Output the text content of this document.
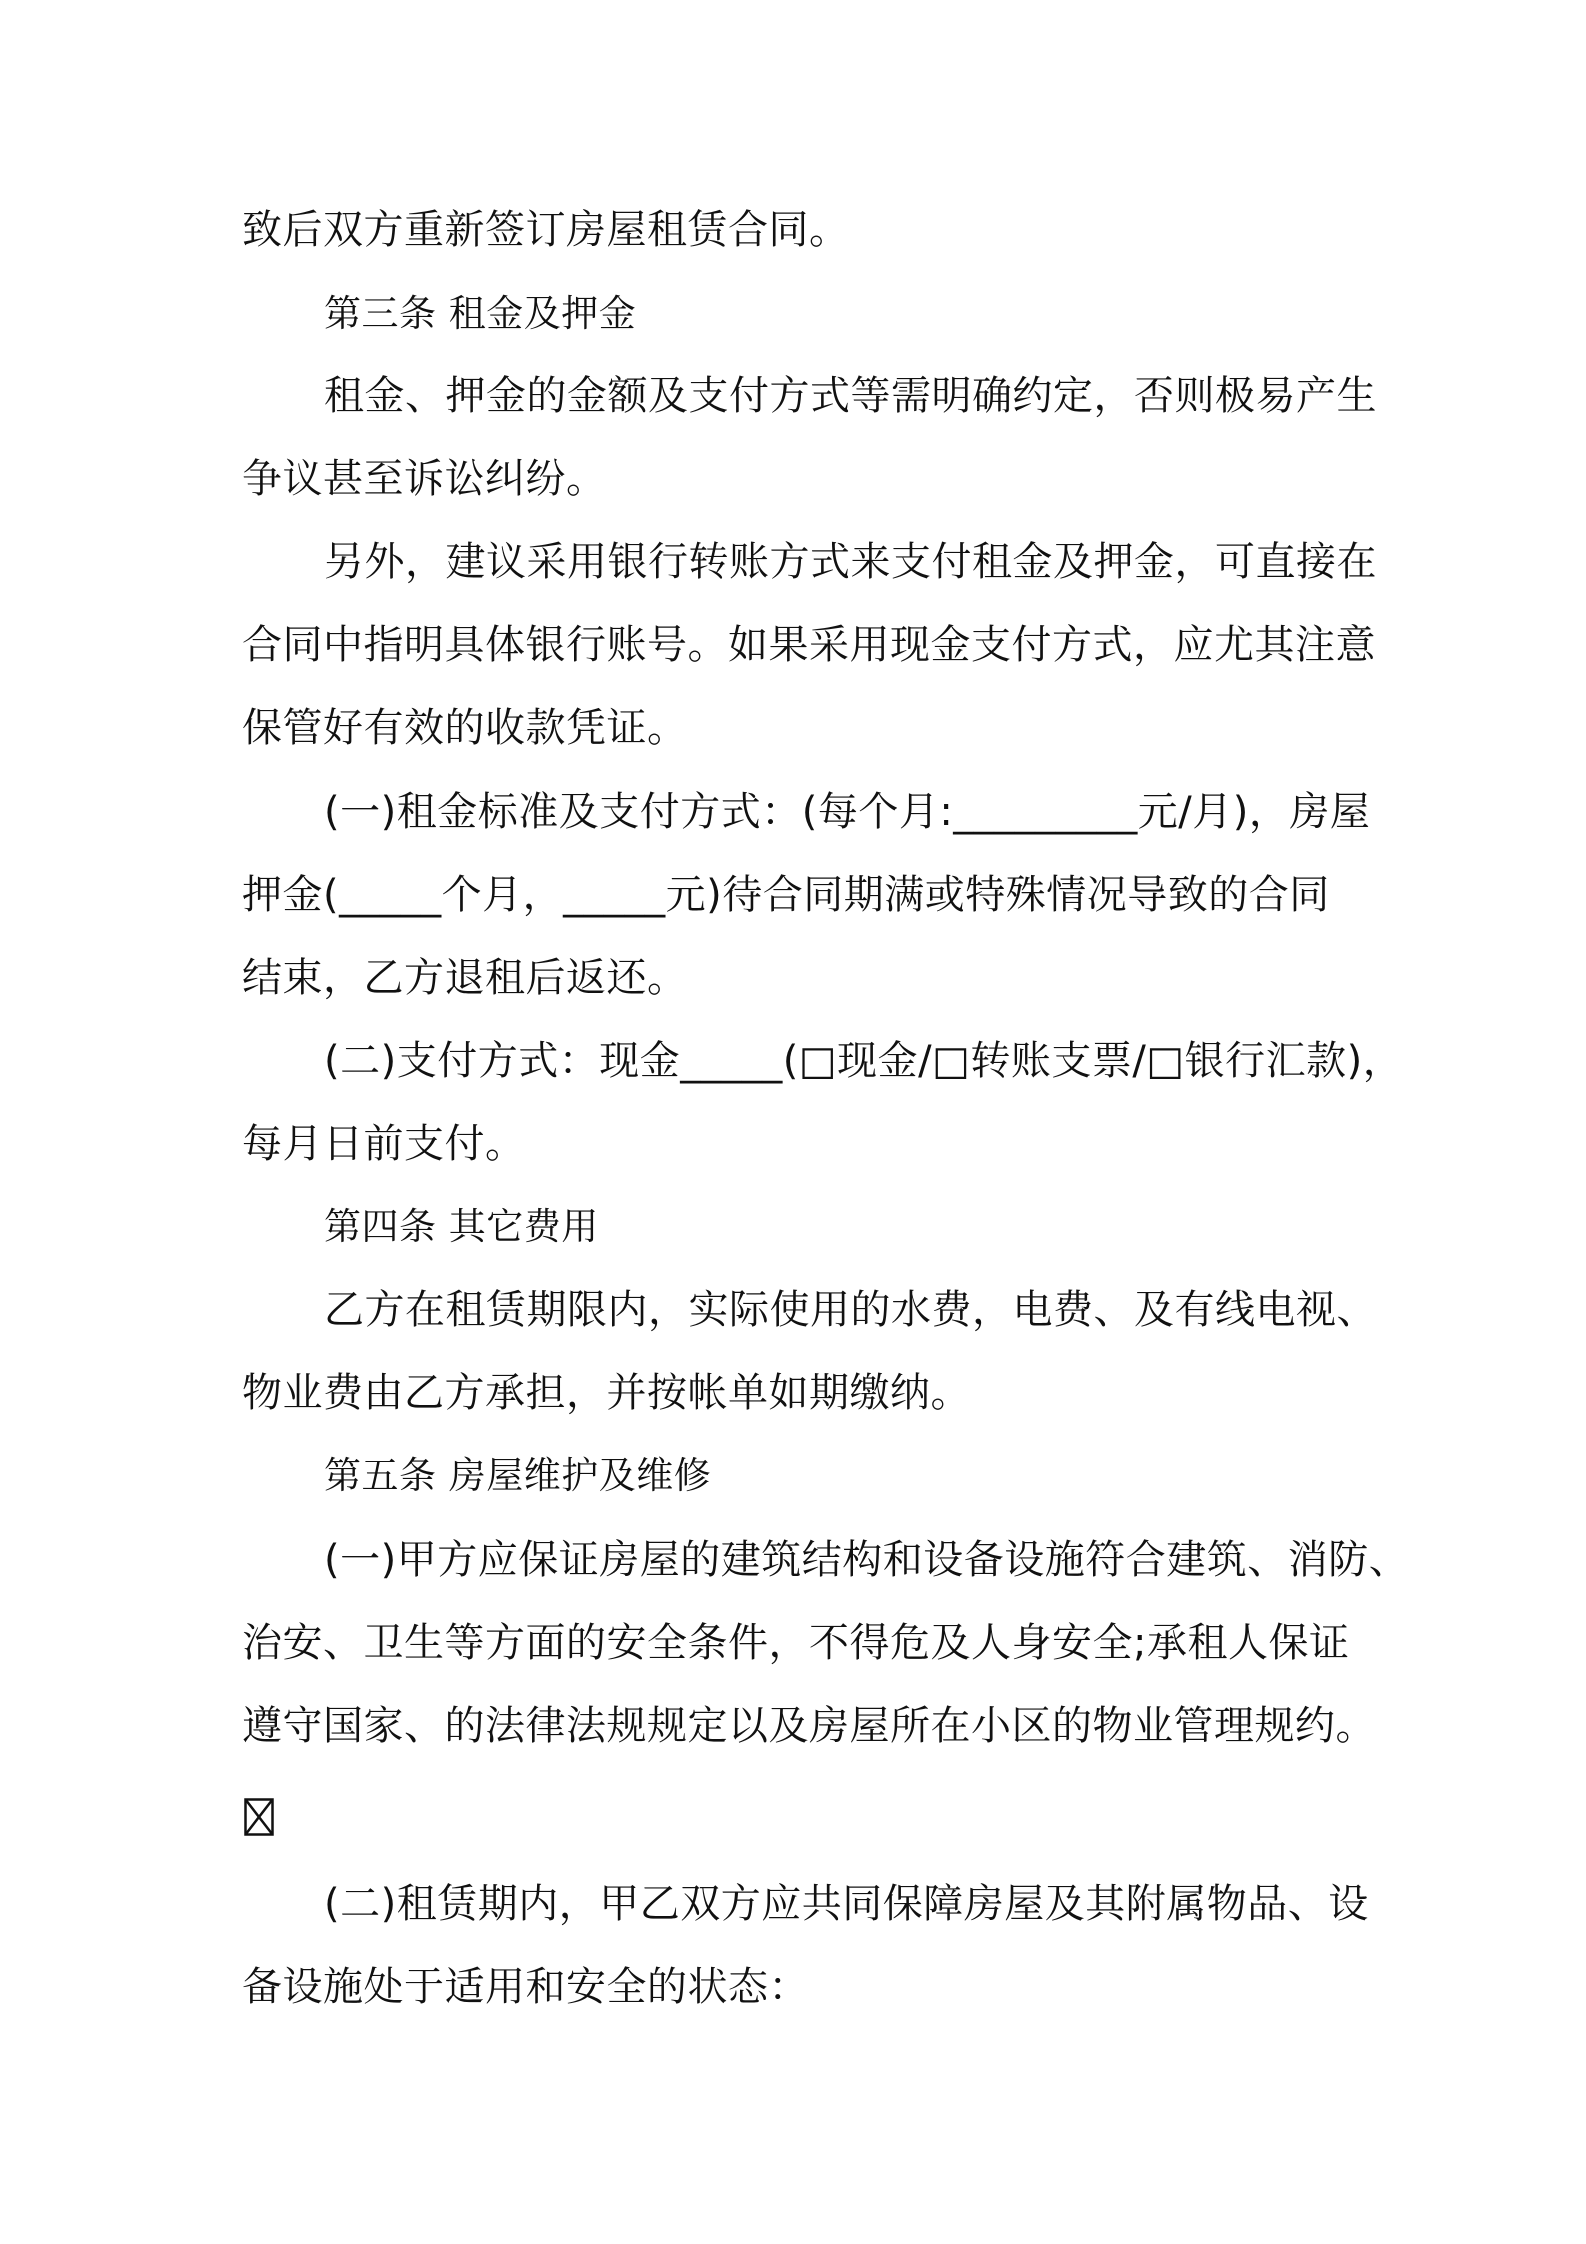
致后双方重新签订房屋租赁合同。
第三条 租金及押金
租金、押金的金额及支付方式等需明确约定，否则极易产生
争议甚至诉讼纠纷。
另外，建议采用银行转账方式来支付租金及押金，可直接在
合同中指明具体银行账号。如果采用现金支付方式，应尤其注意
保管好有效的收款凭证。
(一)租金标准及支付方式：(每个月:_________元/月)，房屋
押金(_____个月，_____元)待合同期满或特殊情况导致的合同
结束，乙方退租后返还。
(二)支付方式：现金_____(□现金/□转账支票/□银行汇款)，
每月日前支付。
第四条 其它费用
乙方在租赁期限内，实际使用的水费，电费、及有线电视、
物业费由乙方承担，并按帐单如期缴纳。
第五条 房屋维护及维修
(一)甲方应保证房屋的建筑结构和设备设施符合建筑、消防、
治安、卫生等方面的安全条件，不得危及人身安全;承租人保证
遵守国家、的法律法规规定以及房屋所在小区的物业管理规约。
(二)租赁期内，甲乙双方应共同保障房屋及其附属物品、设
备设施处于适用和安全的状态：
